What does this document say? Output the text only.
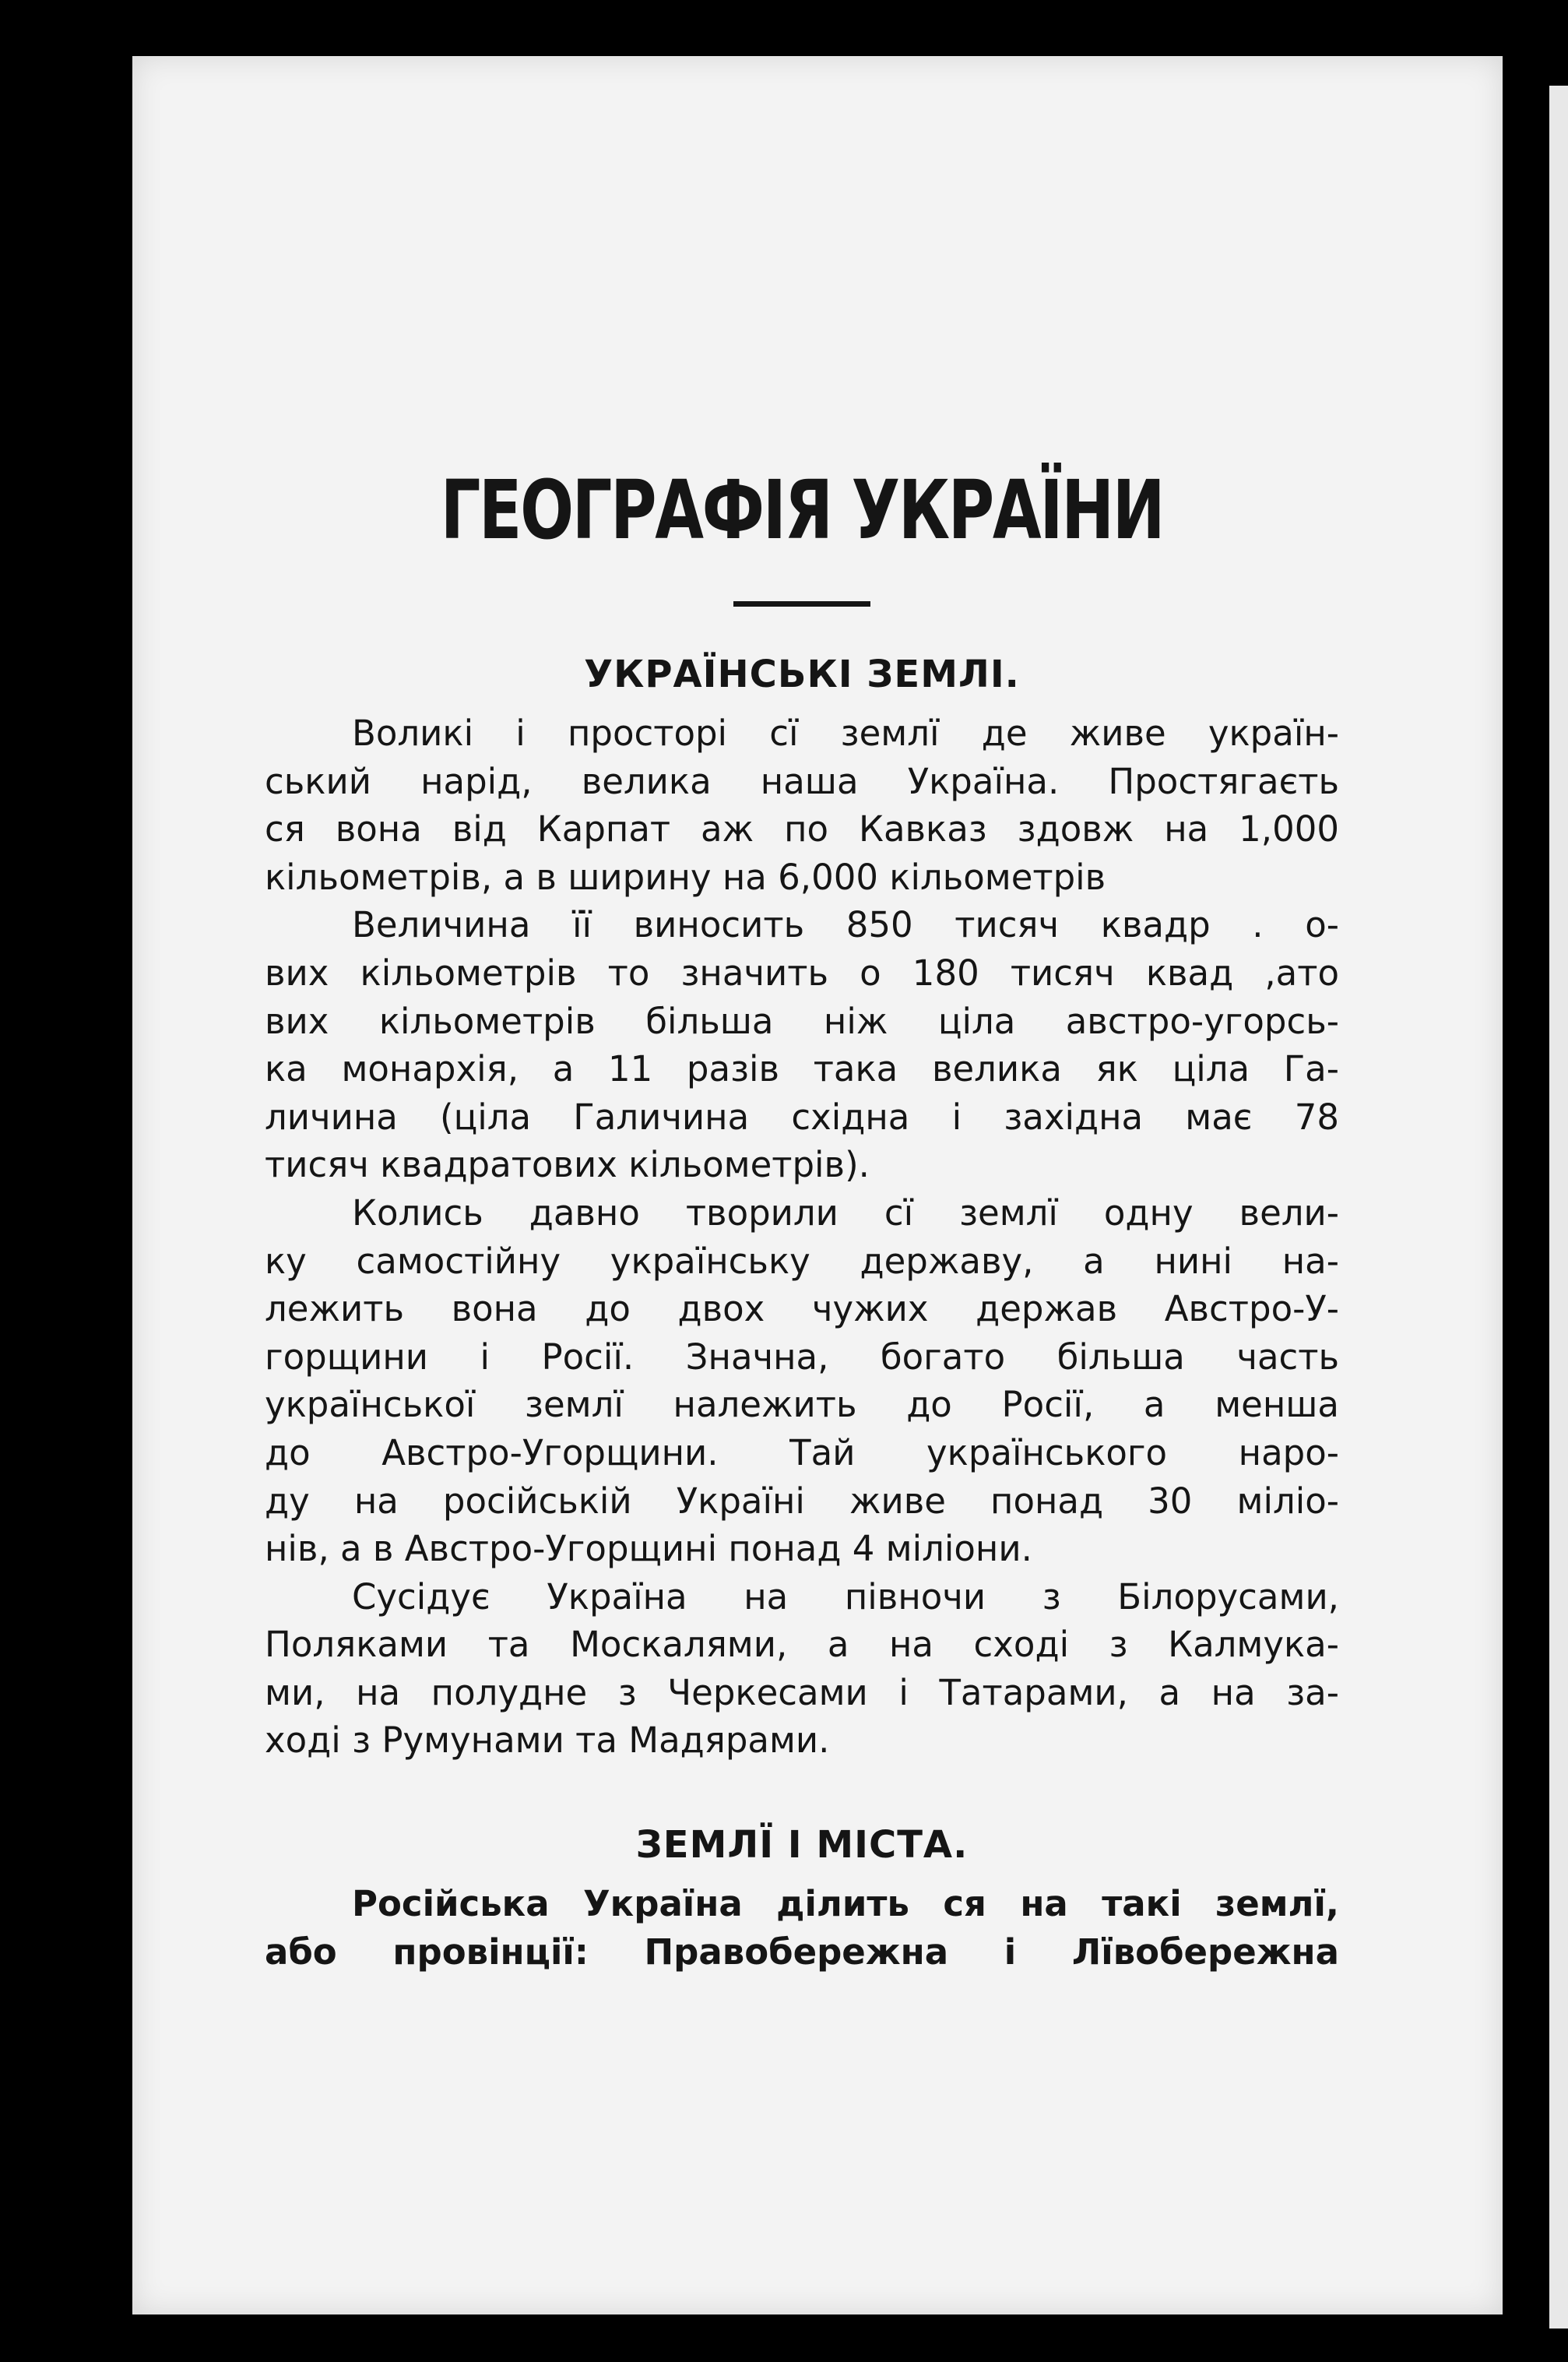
ГЕОГРАФІЯ УКРАЇНИ
УКРАЇНСЬКІ ЗЕМЛІ.

Воликі і просторі сї землї де живе україн-
ський нарід, велика наша Україна. Простягаєть
ся вона від Карпат аж по Кавказ здовж на 1,000
кільометрів, а в ширину на 6,000 кільометрів

Величина її виносить 850 тисяч квадр . о-
вих кільометрів то значить о 180 тисяч квад ,ато
вих кільометрів більша ніж ціла австро-угорсь-
ка монархія, а 11 разів така велика як ціла Га-
личина (ціла Галичина східна і західна має 78
тисяч квадратових кільометрів).

Колись давно творили сї землї одну вели-
ку самостійну українську державу, а нині на-
лежить вона до двох чужих держав Австро-У-
горщини і Росії. Значна, богато більша часть
української землї належить до Росії, а менша
до Австро-Угорщини. Тай українського наро-
ду на російській Україні живе понад 30 міліо-
нів, а в Австро-Угорщині понад 4 міліони.

Сусідує Україна на півночи з Білорусами,
Поляками та Москалями, а на сході з Калмука-
ми, на полудне з Черкесами і Татарами, а на за-
ході з Румунами та Мадярами.

ЗЕМЛЇ І МІСТА.

Російська Україна ділить ся на такі землї,
або провінції: Правобережна і Лївобережна
